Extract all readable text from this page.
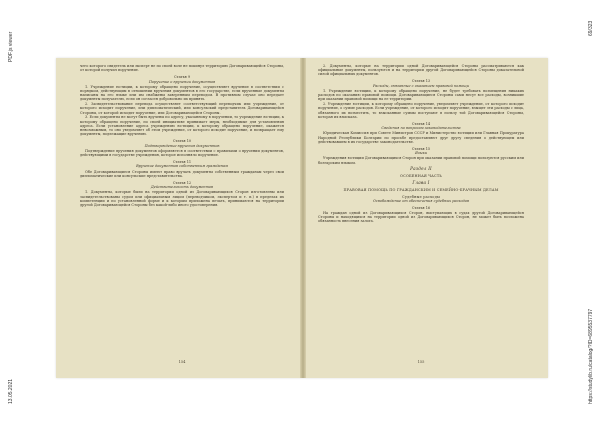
PDF.js viewer
13.05.2021	https://studylib.ru/catalog/?ID=6895537797
69/323

чего которого свидетель или эксперт не по своей воле не покинул территорию Договаривающейся Стороны, от которой получил поручение.

Статья 9

Поручение о вручении документов

1. Учреждение юстиции, к которому обращено поручение, осуществляет вручение в соответствии с порядком, действующим в отношении вручения документов в его государстве, если врученные документы написаны на его языке или им снабжены заверенным переводом. В противном случае оно передает документы получателю, если он согласен добровольно их принять.

2. Засвидетельствование перевода осуществляет соответствующий переводчик или учреждение, от которого исходит поручение, или дипломатический, или консульский представитель Договаривающейся Стороны, от которой исходит поручение, или Договаривающейся Стороны.

3. Если документы не могут быть вручены по адресу, указанному в поручении, то учреждение юстиции, к которому обращено поручение, по своей инициативе принимает меры, необходимые для установления адреса. Если установление адреса учреждению юстиции, к которому обращено поручение, окажется невозможным, то оно уведомляет об этом учреждение, от которого исходит поручение, и возвращает ему документы, подлежащие вручению.

Статья 10

Подтверждение вручения документов

Подтверждение вручения документов оформляется в соответствии с правилами о вручении документов, действующими в государстве учреждения, которое исполняло поручение.

Статья 11

Вручение документов собственным гражданам

Обе Договаривающиеся Стороны имеют право вручать документы собственным гражданам через свои дипломатические или консульские представительства.

Статья 12

Действительность документов

1. Документы, которые были на территории одной из Договаривающихся Сторон изготовлены или засвидетельствованы судом или официальным лицом (переводчиком, экспертом и т. п.) в пределах их компетенции и по установленной форме и к которым приложена печать, принимаются на территории другой Договаривающейся Стороны без какой-либо иного удостоверения.

154

2. Документы, которые на территории одной Договаривающейся Стороны рассматриваются как официальные документы, пользуются и на территории другой Договаривающейся Стороны доказательной силой официальных документов.

Статья 13

Расходы, связанные с оказанием правовой помощи

1. Учреждение юстиции, к которому обращено поручение, не будет требовать возмещения никаких расходов по оказанию правовой помощи. Договаривающиеся Стороны сами несут все расходы, возникшие при оказании правовой помощи на ее территории.

2. Учреждение юстиции, к которому обращено поручение, уведомляет учреждение, от которого исходит поручение, о сумме расходов. Если учреждение, от которого исходит поручение, взыщет эти расходы с лица, обязанного их возместить, то взысканные суммы поступают в пользу той Договаривающейся Стороны, которая их взыскала.

Статья 14

Сведения по вопросам законодательства

Юридическая Комиссия при Совете Министров СССР и Министерство юстиции или Главная Прокуратура Народной Республики Болгарии по просьбе предоставляют друг другу сведения о действующем или действовавшем в их государстве законодательстве.

Статья 15

Языки

Учреждения юстиции Договаривающихся Сторон при оказании правовой помощи пользуются русским или болгарским языком.

Раздел II

ОСОБЕННАЯ ЧАСТЬ

Глава I

ПРАВОВАЯ ПОМОЩЬ ПО ГРАЖДАНСКИМ И СЕМЕЙНО-БРАЧНЫМ ДЕЛАМ

Судебные расходы

Освобождение от обеспечения судебных расходов

Статья 16

На граждан одной из Договаривающихся Сторон, выступающих в судах другой Договаривающейся Стороны и находящихся на территории одной из Договаривающихся Сторон, не может быть возложена обязанность внесения залога.

155
